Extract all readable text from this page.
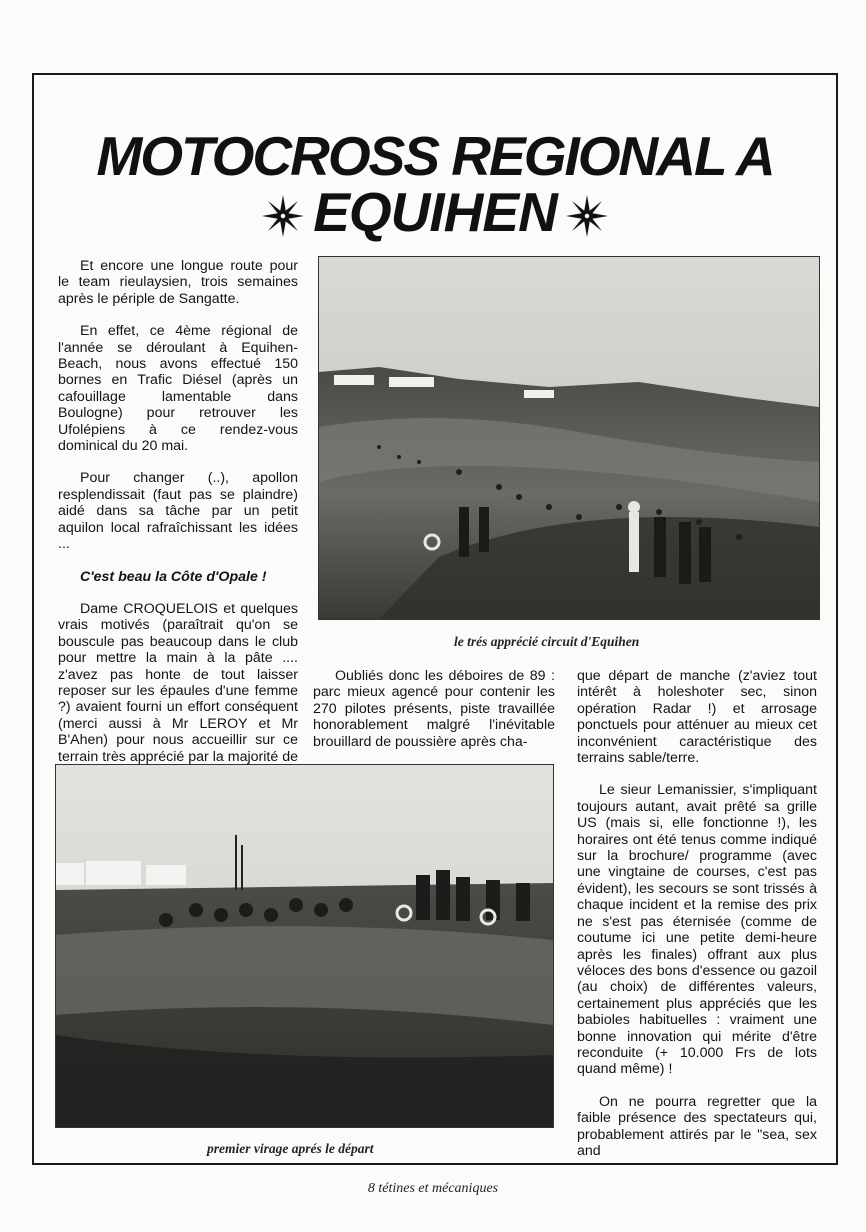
MOTOCROSS REGIONAL A
EQUIHEN

Et encore une longue route pour le team rieulaysien, trois semaines après le périple de Sangatte.

En effet, ce 4ème régional de l'année se déroulant à Equihen-Beach, nous avons effectué 150 bornes en Trafic Diésel (après un cafouillage lamentable dans Boulogne) pour retrouver les Ufolépiens à ce rendez-vous dominical du 20 mai.

Pour changer (..), apollon resplendissait (faut pas se plaindre) aidé dans sa tâche par un petit aquilon local rafraîchissant les idées ...

C'est beau la Côte d'Opale !

Dame CROQUELOIS et quelques vrais motivés (paraîtrait qu'on se bouscule pas beaucoup dans le club pour mettre la main à la pâte .... z'avez pas honte de tout laisser reposer sur les épaules d'une femme ?) avaient fourni un effort conséquent (merci aussi à Mr LEROY et Mr B'Ahen) pour nous accueillir sur ce terrain très apprécié par la majorité de

le trés apprécié circuit d'Equihen

Oubliés donc les déboires de 89 : parc mieux agencé pour contenir les 270 pilotes présents, piste travaillée honorablement malgré l'inévitable brouillard de poussière après cha-

que départ de manche (z'aviez tout intérêt à holeshoter sec, sinon opération Radar !) et arrosage ponctuels pour atténuer au mieux cet inconvénient caractéristique des terrains sable/terre.

Le sieur Lemanissier, s'impliquant toujours autant, avait prêté sa grille US (mais si, elle fonctionne !), les horaires ont été tenus comme indiqué sur la brochure/ programme (avec une vingtaine de courses, c'est pas évident), les secours se sont trissés à chaque incident et la remise des prix ne s'est pas éternisée (comme de coutume ici une petite demi-heure après les finales) offrant aux plus véloces des bons d'essence ou gazoil (au choix) de différentes valeurs, certainement plus appréciés que les babioles habituelles : vraiment une bonne innovation qui mérite d'être reconduite (+ 10.000 Frs de lots quand même) !

On ne pourra regretter que la faible présence des spectateurs qui, probablement attirés par le "sea, sex and

premier virage aprés le départ
8 tétines et mécaniques
